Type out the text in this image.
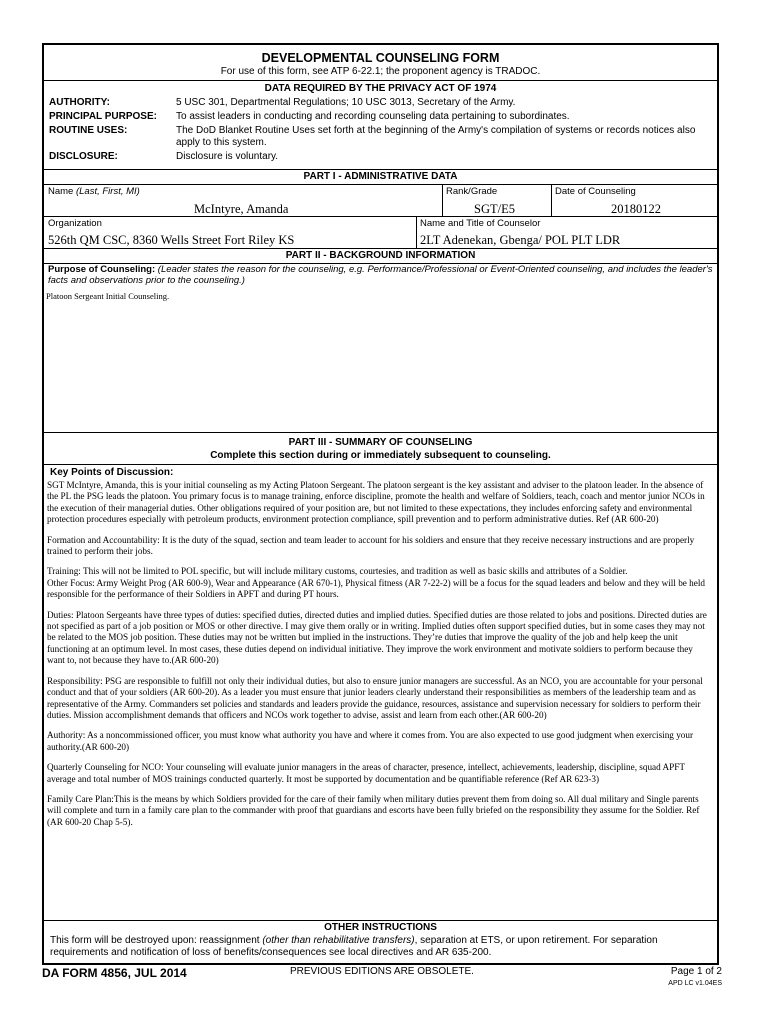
DEVELOPMENTAL COUNSELING FORM
For use of this form, see ATP 6-22.1; the proponent agency is TRADOC.
DATA REQUIRED BY THE PRIVACY ACT OF 1974
AUTHORITY:	5 USC 301, Departmental Regulations; 10 USC 3013, Secretary of the Army.
PRINCIPAL PURPOSE:	To assist leaders in conducting and recording counseling data pertaining to subordinates.
ROUTINE USES:	The DoD Blanket Routine Uses set forth at the beginning of the Army's compilation of systems or records notices also apply to this system.
DISCLOSURE:	Disclosure is voluntary.
PART I - ADMINISTRATIVE DATA
Name (Last, First, MI)
McIntyre, Amanda
Rank/Grade
SGT/E5
Date of Counseling
20180122
Organization
526th QM CSC, 8360 Wells Street Fort Riley KS
Name and Title of Counselor
2LT Adenekan, Gbenga/ POL PLT LDR
PART II - BACKGROUND INFORMATION
Purpose of Counseling: (Leader states the reason for the counseling, e.g. Performance/Professional or Event-Oriented counseling, and includes the leader's facts and observations prior to the counseling.)
Platoon Sergeant Initial Counseling.
PART III - SUMMARY OF COUNSELING
Complete this section during or immediately subsequent to counseling.
Key Points of Discussion:

SGT McIntyre, Amanda, this is your initial counseling as my Acting Platoon Sergeant. The platoon sergeant is the key assistant and adviser to the platoon leader. In the absence of the PL the PSG leads the platoon. You primary focus is to manage training, enforce discipline, promote the health and welfare of Soldiers, teach, coach and mentor junior NCOs in the execution of their managerial duties. Other obligations required of your position are, but not limited to these expectations, they includes enforcing safety and environmental protection procedures especially with petroleum products, environment protection compliance, spill prevention and to perform administrative duties. Ref (AR 600-20)

Formation and Accountability: It is the duty of the squad, section and team leader to account for his soldiers and ensure that they receive necessary instructions and are properly trained to perform their jobs.

Training: This will not be limited to POL specific, but will include military customs, courtesies, and tradition as well as basic skills and attributes of a Soldier.
Other Focus: Army Weight Prog (AR 600-9), Wear and Appearance (AR 670-1), Physical fitness (AR 7-22-2) will be a focus for the squad leaders and below and they will be held responsible for the performance of their Soldiers in APFT and during PT hours.

Duties: Platoon Sergeants have three types of duties: specified duties, directed duties and implied duties. Specified duties are those related to jobs and positions. Directed duties are not specified as part of a job position or MOS or other directive. I may give them orally or in writing. Implied duties often support specified duties, but in some cases they may not be related to the MOS job position. These duties may not be written but implied in the instructions. They’re duties that improve the quality of the job and help keep the unit functioning at an optimum level. In most cases, these duties depend on individual initiative. They improve the work environment and motivate soldiers to perform because they want to, not because they have to.(AR 600-20)

Responsibility: PSG are responsible to fulfill not only their individual duties, but also to ensure junior managers are successful. As an NCO, you are accountable for your personal conduct and that of your soldiers (AR 600-20). As a leader you must ensure that junior leaders clearly understand their responsibilities as members of the leadership team and as representative of the Army. Commanders set policies and standards and leaders provide the guidance, resources, assistance and supervision necessary for soldiers to perform their duties. Mission accomplishment demands that officers and NCOs work together to advise, assist and learn from each other.(AR 600-20)

Authority: As a noncommissioned officer, you must know what authority you have and where it comes from. You are also expected to use good judgment when exercising your authority.(AR 600-20)

Quarterly Counseling for NCO: Your counseling will evaluate junior managers in the areas of character, presence, intellect, achievements, leadership, discipline, squad APFT average and total number of MOS trainings conducted quarterly. It most be supported by documentation and be quantifiable reference (Ref AR 623-3)

Family Care Plan:This is the means by which Soldiers provided for the care of their family when military duties prevent them from doing so. All dual military and Single parents will complete and turn in a family care plan to the commander with proof that guardians and escorts have been fully briefed on the responsibility they assume for the Soldier. Ref (AR 600-20 Chap 5-5).

OTHER INSTRUCTIONS
This form will be destroyed upon: reassignment (other than rehabilitative transfers), separation at ETS, or upon retirement. For separation requirements and notification of loss of benefits/consequences see local directives and AR 635-200.
DA FORM 4856, JUL 2014	PREVIOUS EDITIONS ARE OBSOLETE.	Page 1 of 2
APD LC v1.04ES
